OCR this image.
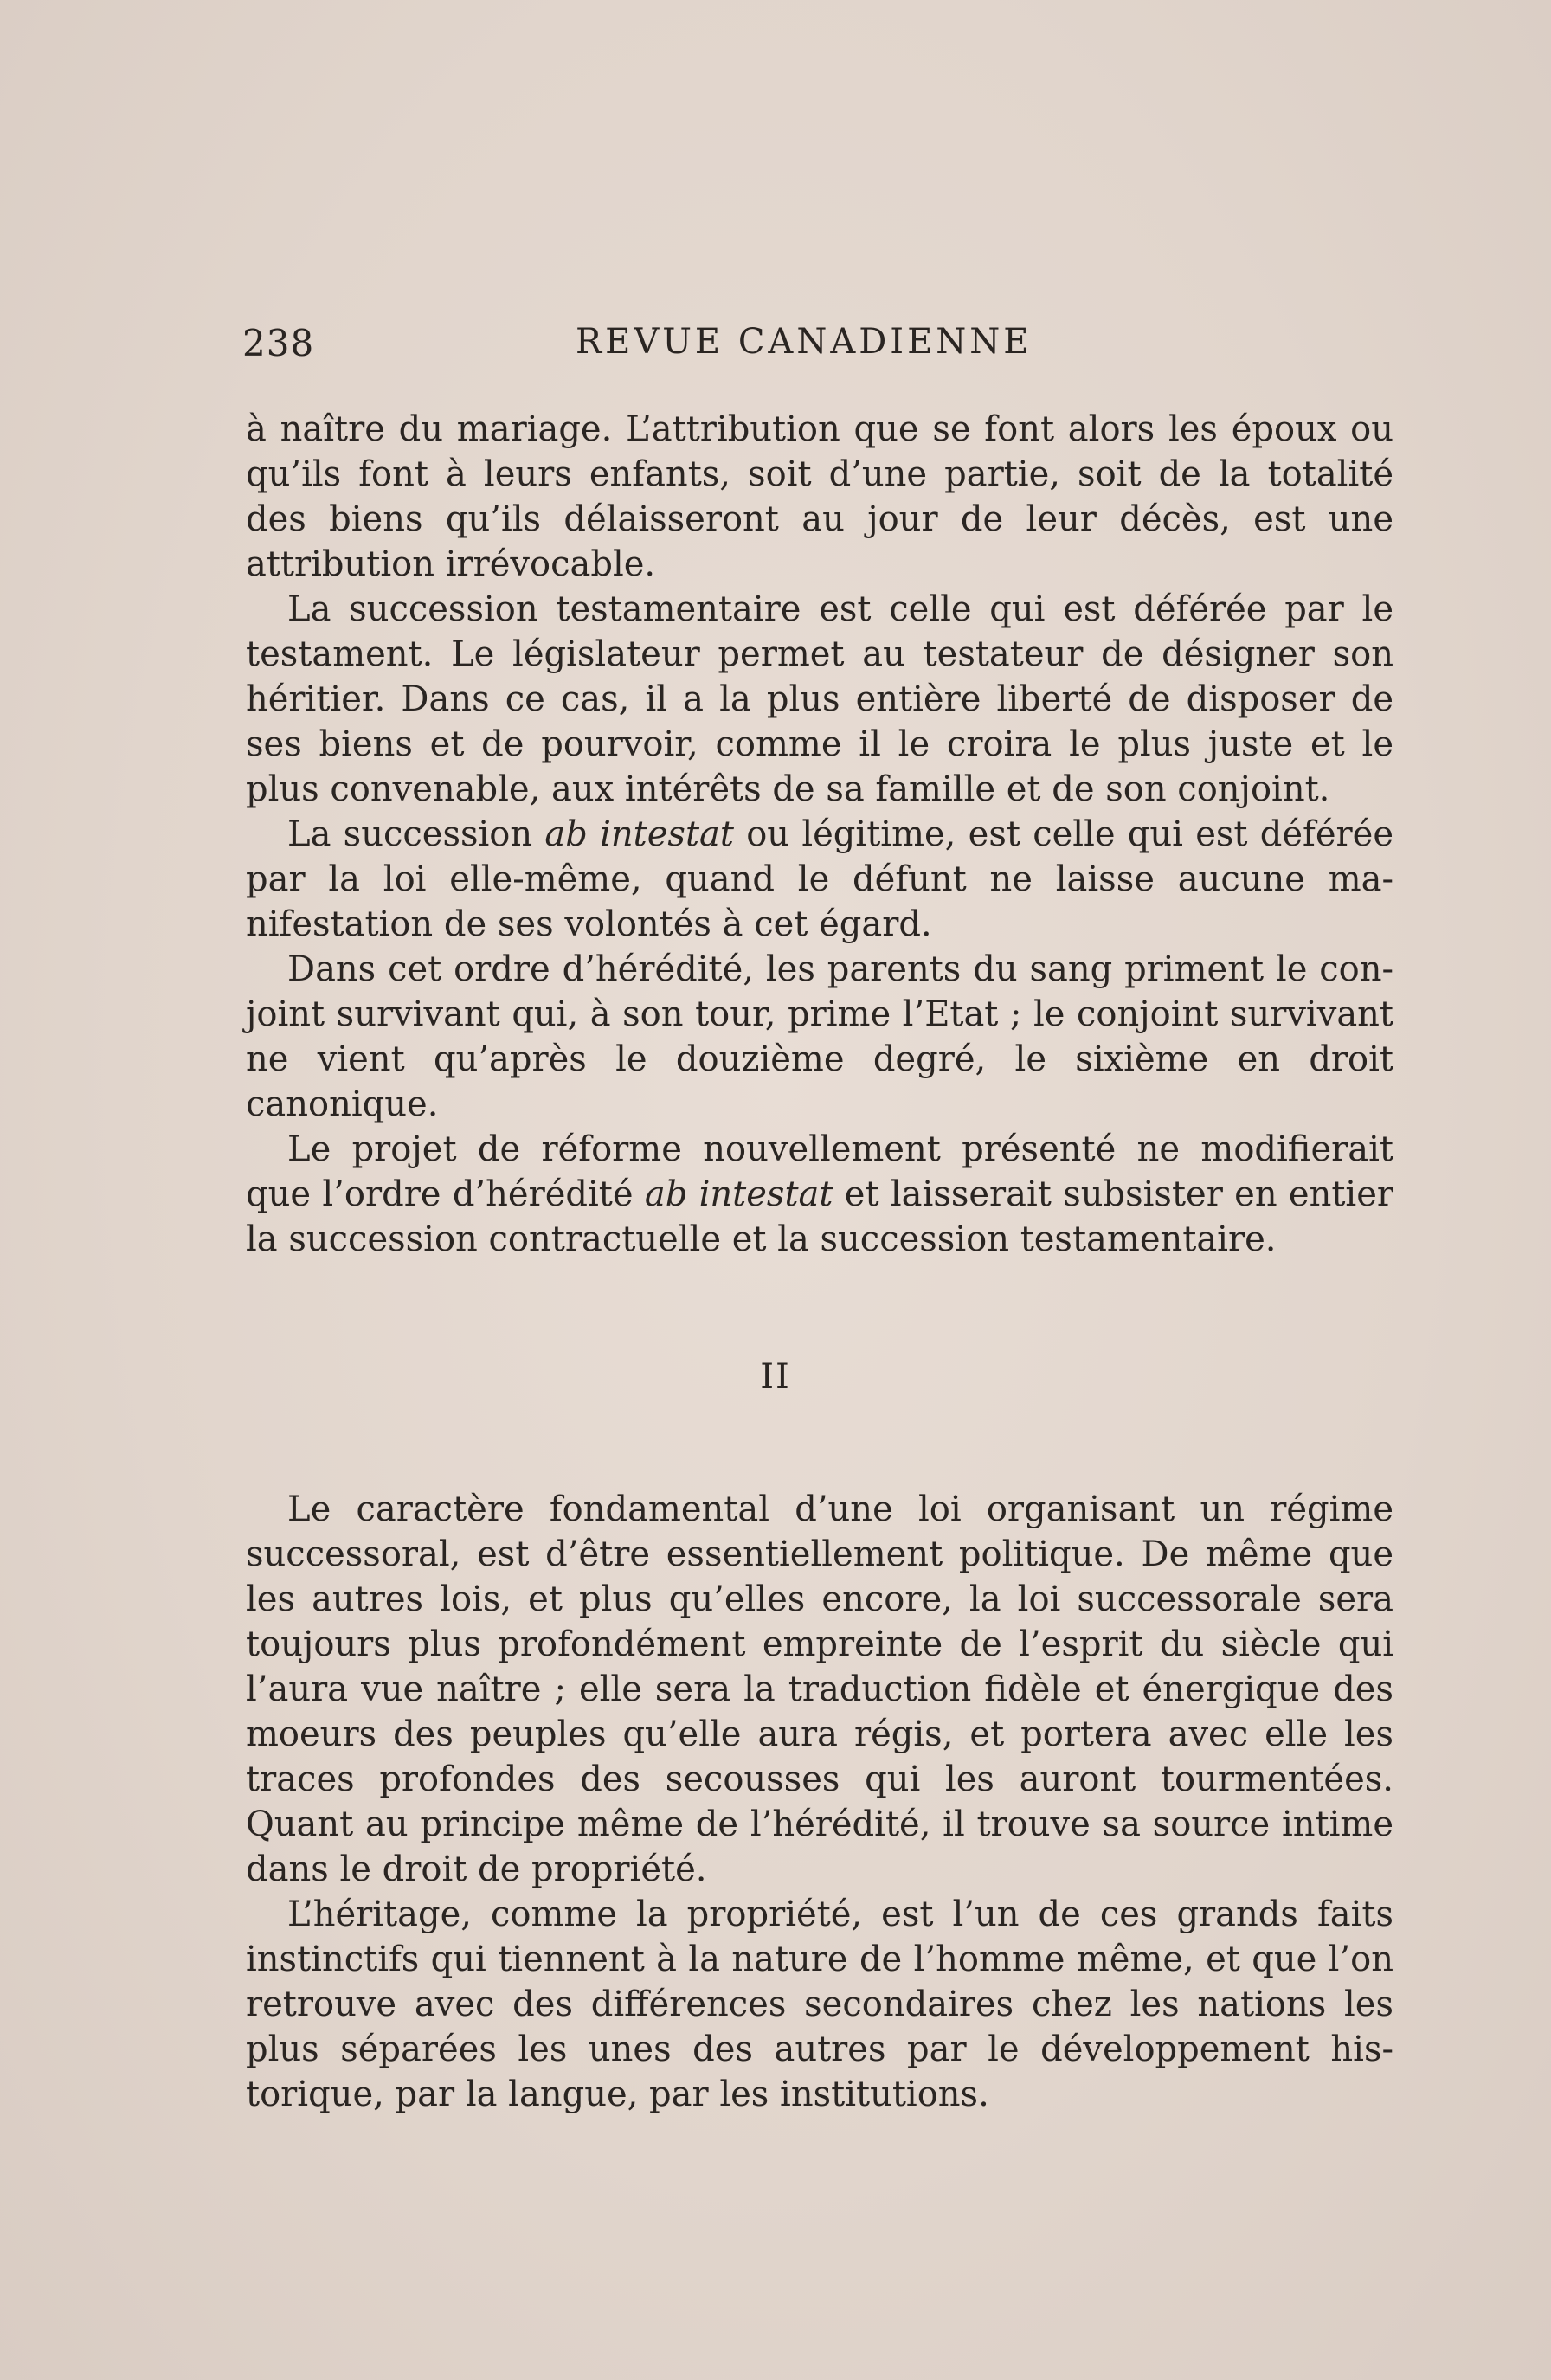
238	REVUE CANADIENNE

à naître du mariage. L’attribution que se font alors les époux ou qu’ils font à leurs enfants, soit d’une partie, soit de la totalité des biens qu’ils délaisseront au jour de leur décès, est une attribution irrévocable.

La succession testamentaire est celle qui est déférée par le testament. Le législateur permet au testateur de désigner son héritier. Dans ce cas, il a la plus entière liberté de disposer de ses biens et de pourvoir, comme il le croira le plus juste et le plus convenable, aux intérêts de sa famille et de son conjoint.

La succession ab intestat ou légitime, est celle qui est déférée par la loi elle-même, quand le défunt ne laisse aucune manifestation de ses volontés à cet égard.

Dans cet ordre d’hérédité, les parents du sang priment le conjoint survivant qui, à son tour, prime l’Etat ; le conjoint survivant ne vient qu’après le douzième degré, le sixième en droit canonique.

Le projet de réforme nouvellement présenté ne modifierait que l’ordre d’hérédité ab intestat et laisserait subsister en entier la succession contractuelle et la succession testamentaire.

II

Le caractère fondamental d’une loi organisant un régime successoral, est d’être essentiellement politique. De même que les autres lois, et plus qu’elles encore, la loi successorale sera toujours plus profondément empreinte de l’esprit du siècle qui l’aura vue naître ; elle sera la traduction fidèle et énergique des moeurs des peuples qu’elle aura régis, et portera avec elle les traces profondes des secousses qui les auront tourmentées. Quant au principe même de l’hérédité, il trouve sa source intime dans le droit de propriété.

L’héritage, comme la propriété, est l’un de ces grands faits instinctifs qui tiennent à la nature de l’homme même, et que l’on retrouve avec des différences secondaires chez les nations les plus séparées les unes des autres par le développement historique, par la langue, par les institutions.
